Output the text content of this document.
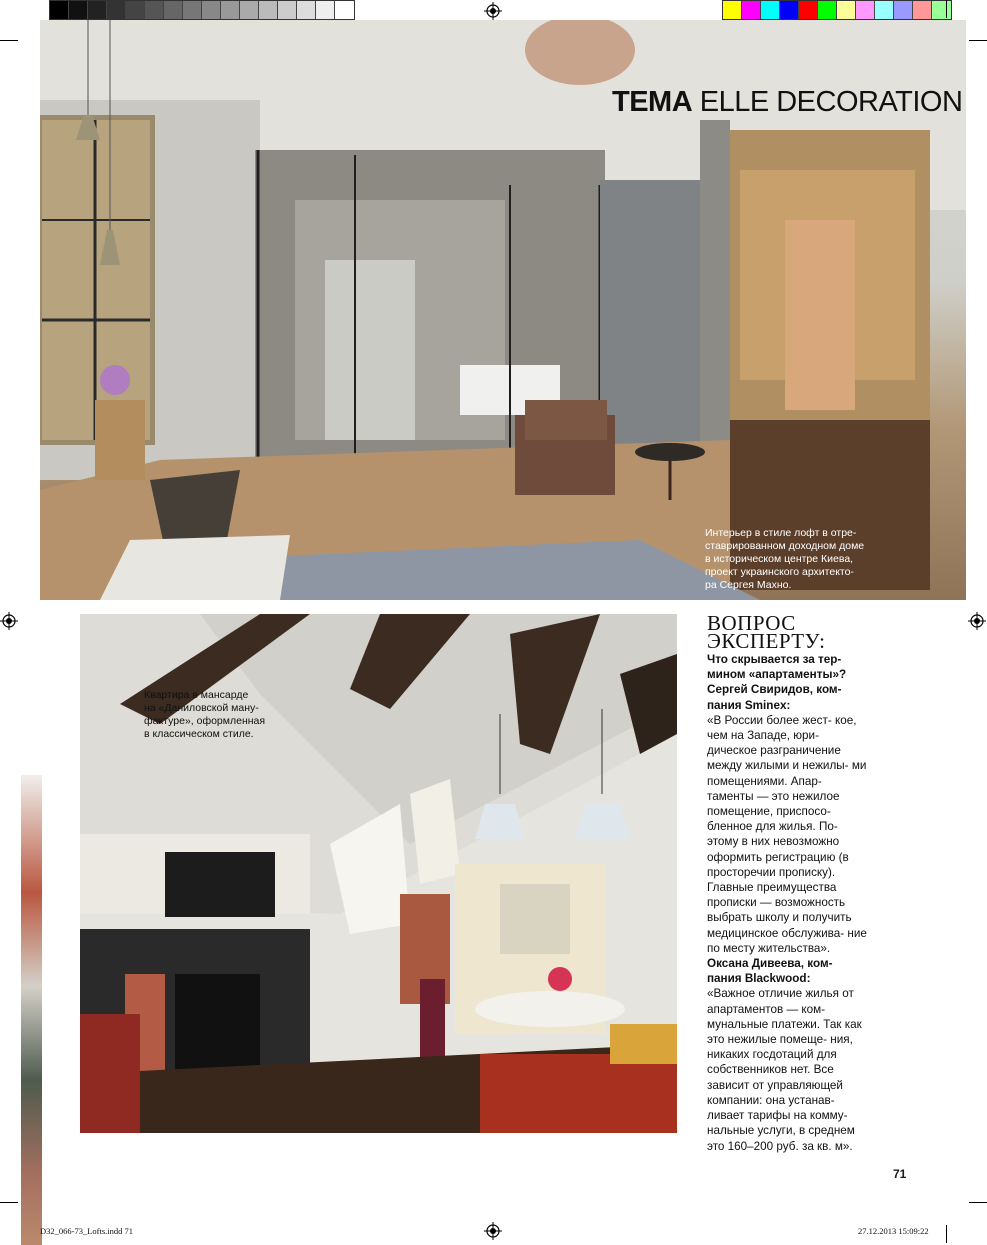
Интерьер в стиле лофт в отре-
ставрированном доходном доме
в историческом центре Киева,
проект украинского архитекто-
ра Сергея Махно.
TEMA ELLE DECORATION
Квартира в мансарде
на «Даниловской ману-
фактуре», оформленная
в классическом стиле.
ВОПРОС ЭКСПЕРТУ:

Что скрывается за тер- мином «апартаменты»?

Сергей Свиридов, ком- пания Sminex:

«В России более жест- кое, чем на Западе, юри- дическое разграничение между жилыми и нежилы- ми помещениями. Апар- таменты — это нежилое помещение, приспосо- бленное для жилья. По- этому в них невозможно оформить регистрацию (в просторечии прописку). Главные преимущества прописки — возможность выбрать школу и получить медицинское обслужива- ние по месту жительства».

Оксана Дивеева, ком- пания Blackwood:

«Важное отличие жилья от апартаментов — ком- мунальные платежи. Так как это нежилые помеще- ния, никаких госдотаций для собственников нет. Все зависит от управляющей компании: она устанав- ливает тарифы на комму- нальные услуги, в среднем это 160–200 руб. за кв. м».

71
D32_066-73_Lofts.indd 71	27.12.2013 15:09:22
